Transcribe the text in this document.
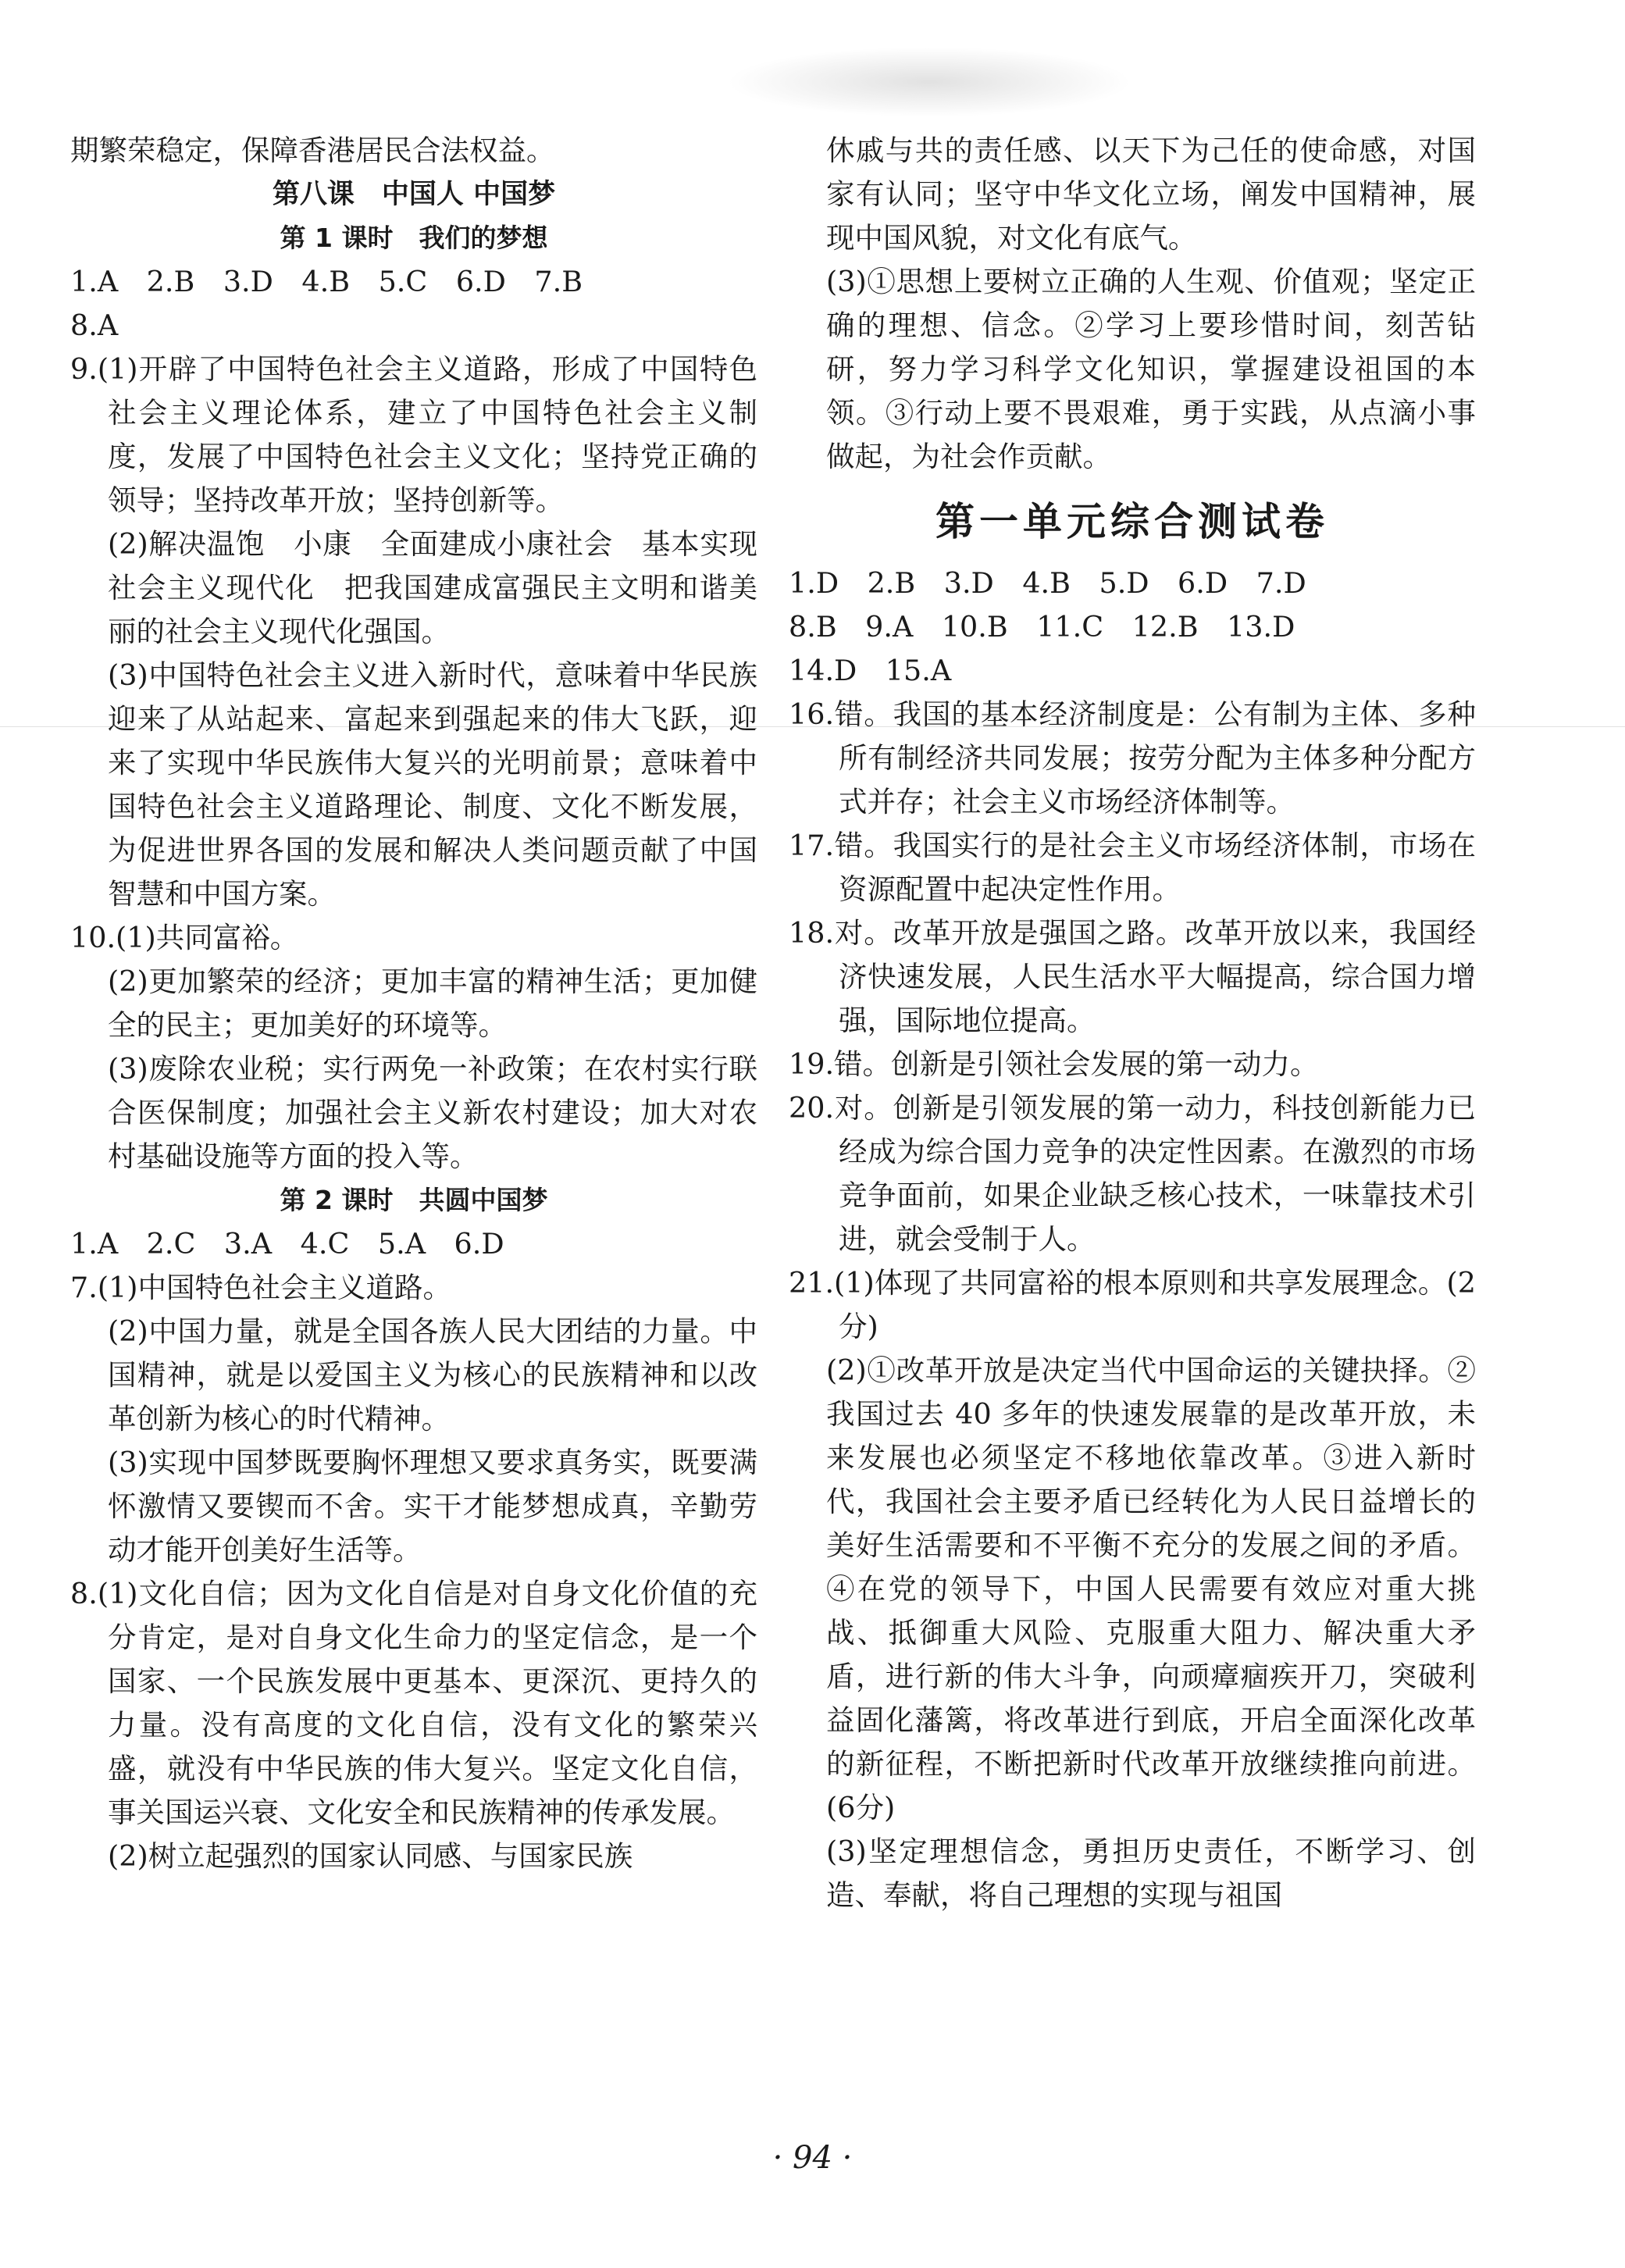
期繁荣稳定，保障香港居民合法权益。
第八课　中国人 中国梦
第 1 课时　我们的梦想
1.A　2.B　3.D　4.B　5.C　6.D　7.B
8.A
9.(1)开辟了中国特色社会主义道路，形成了中国特色社会主义理论体系，建立了中国特色社会主义制度，发展了中国特色社会主义文化；坚持党正确的领导；坚持改革开放；坚持创新等。
(2)解决温饱　小康　全面建成小康社会　基本实现社会主义现代化　把我国建成富强民主文明和谐美丽的社会主义现代化强国。
(3)中国特色社会主义进入新时代，意味着中华民族迎来了从站起来、富起来到强起来的伟大飞跃，迎来了实现中华民族伟大复兴的光明前景；意味着中国特色社会主义道路理论、制度、文化不断发展，为促进世界各国的发展和解决人类问题贡献了中国智慧和中国方案。
10.(1)共同富裕。
(2)更加繁荣的经济；更加丰富的精神生活；更加健全的民主；更加美好的环境等。
(3)废除农业税；实行两免一补政策；在农村实行联合医保制度；加强社会主义新农村建设；加大对农村基础设施等方面的投入等。
第 2 课时　共圆中国梦
1.A　2.C　3.A　4.C　5.A　6.D
7.(1)中国特色社会主义道路。
(2)中国力量，就是全国各族人民大团结的力量。中国精神，就是以爱国主义为核心的民族精神和以改革创新为核心的时代精神。
(3)实现中国梦既要胸怀理想又要求真务实，既要满怀激情又要锲而不舍。实干才能梦想成真，辛勤劳动才能开创美好生活等。
8.(1)文化自信；因为文化自信是对自身文化价值的充分肯定，是对自身文化生命力的坚定信念，是一个国家、一个民族发展中更基本、更深沉、更持久的力量。没有高度的文化自信，没有文化的繁荣兴盛，就没有中华民族的伟大复兴。坚定文化自信，事关国运兴衰、文化安全和民族精神的传承发展。
(2)树立起强烈的国家认同感、与国家民族
休戚与共的责任感、以天下为己任的使命感，对国家有认同；坚守中华文化立场，阐发中国精神，展现中国风貌，对文化有底气。
(3)①思想上要树立正确的人生观、价值观；坚定正确的理想、信念。②学习上要珍惜时间，刻苦钻研，努力学习科学文化知识，掌握建设祖国的本领。③行动上要不畏艰难，勇于实践，从点滴小事做起，为社会作贡献。
第一单元综合测试卷
1.D　2.B　3.D　4.B　5.D　6.D　7.D
8.B　9.A　10.B　11.C　12.B　13.D
14.D　15.A
16.错。我国的基本经济制度是：公有制为主体、多种所有制经济共同发展；按劳分配为主体多种分配方式并存；社会主义市场经济体制等。
17.错。我国实行的是社会主义市场经济体制，市场在资源配置中起决定性作用。
18.对。改革开放是强国之路。改革开放以来，我国经济快速发展，人民生活水平大幅提高，综合国力增强，国际地位提高。
19.错。创新是引领社会发展的第一动力。
20.对。创新是引领发展的第一动力，科技创新能力已经成为综合国力竞争的决定性因素。在激烈的市场竞争面前，如果企业缺乏核心技术，一味靠技术引进，就会受制于人。
21.(1)体现了共同富裕的根本原则和共享发展理念。(2分)
(2)①改革开放是决定当代中国命运的关键抉择。②我国过去 40 多年的快速发展靠的是改革开放，未来发展也必须坚定不移地依靠改革。③进入新时代，我国社会主要矛盾已经转化为人民日益增长的美好生活需要和不平衡不充分的发展之间的矛盾。④在党的领导下，中国人民需要有效应对重大挑战、抵御重大风险、克服重大阻力、解决重大矛盾，进行新的伟大斗争，向顽瘴痼疾开刀，突破利益固化藩篱，将改革进行到底，开启全面深化改革的新征程，不断把新时代改革开放继续推向前进。(6分)
(3)坚定理想信念，勇担历史责任，不断学习、创造、奉献，将自己理想的实现与祖国
· 94 ·
